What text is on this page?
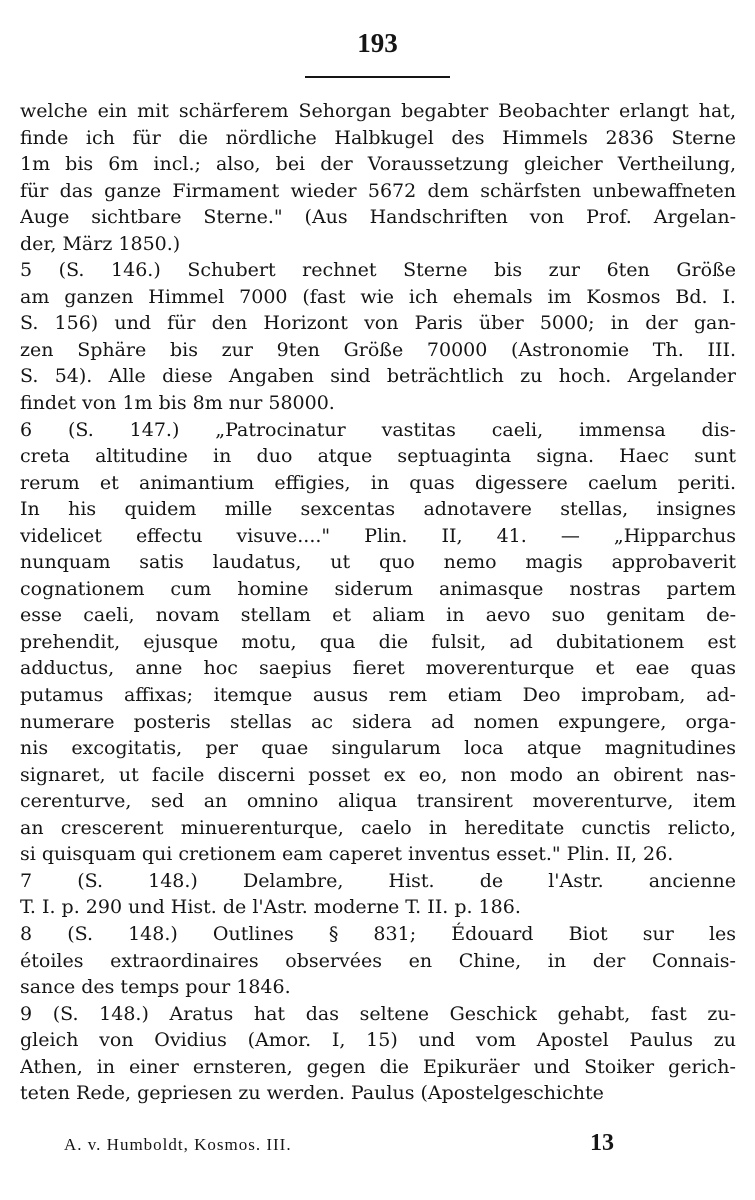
193
welche ein mit schärferem Sehorgan begabter Beobachter erlangt hat,
finde ich für die nördliche Halbkugel des Himmels 2836 Sterne
1m bis 6m incl.; also, bei der Voraussetzung gleicher Vertheilung,
für das ganze Firmament wieder 5672 dem schärfsten unbewaffneten
Auge sichtbare Sterne." (Aus Handschriften von Prof. Argelan-
der, März 1850.)
5 (S. 146.) Schubert rechnet Sterne bis zur 6ten Größe
am ganzen Himmel 7000 (fast wie ich ehemals im Kosmos Bd. I.
S. 156) und für den Horizont von Paris über 5000; in der gan-
zen Sphäre bis zur 9ten Größe 70000 (Astronomie Th. III.
S. 54). Alle diese Angaben sind beträchtlich zu hoch. Argelander
findet von 1m bis 8m nur 58000.
6 (S. 147.) „Patrocinatur vastitas caeli, immensa dis-
creta altitudine in duo atque septuaginta signa. Haec sunt
rerum et animantium effigies, in quas digessere caelum periti.
In his quidem mille sexcentas adnotavere stellas, insignes
videlicet effectu visuve...." Plin. II, 41. — „Hipparchus
nunquam satis laudatus, ut quo nemo magis approbaverit
cognationem cum homine siderum animasque nostras partem
esse caeli, novam stellam et aliam in aevo suo genitam de-
prehendit, ejusque motu, qua die fulsit, ad dubitationem est
adductus, anne hoc saepius fieret moverenturque et eae quas
putamus affixas; itemque ausus rem etiam Deo improbam, ad-
numerare posteris stellas ac sidera ad nomen expungere, orga-
nis excogitatis, per quae singularum loca atque magnitudines
signaret, ut facile discerni posset ex eo, non modo an obirent nas-
cerenturve, sed an omnino aliqua transirent moverenturve, item
an crescerent minuerenturque, caelo in hereditate cunctis relicto,
si quisquam qui cretionem eam caperet inventus esset." Plin. II, 26.
7 (S. 148.) Delambre, Hist. de l'Astr. ancienne
T. I. p. 290 und Hist. de l'Astr. moderne T. II. p. 186.
8 (S. 148.) Outlines § 831; Édouard Biot sur les
étoiles extraordinaires observées en Chine, in der Connais-
sance des temps pour 1846.
9 (S. 148.) Aratus hat das seltene Geschick gehabt, fast zu-
gleich von Ovidius (Amor. I, 15) und vom Apostel Paulus zu
Athen, in einer ernsteren, gegen die Epikuräer und Stoiker gerich-
teten Rede, gepriesen zu werden. Paulus (Apostelgeschichte
A. v. Humboldt, Kosmos. III.	13
